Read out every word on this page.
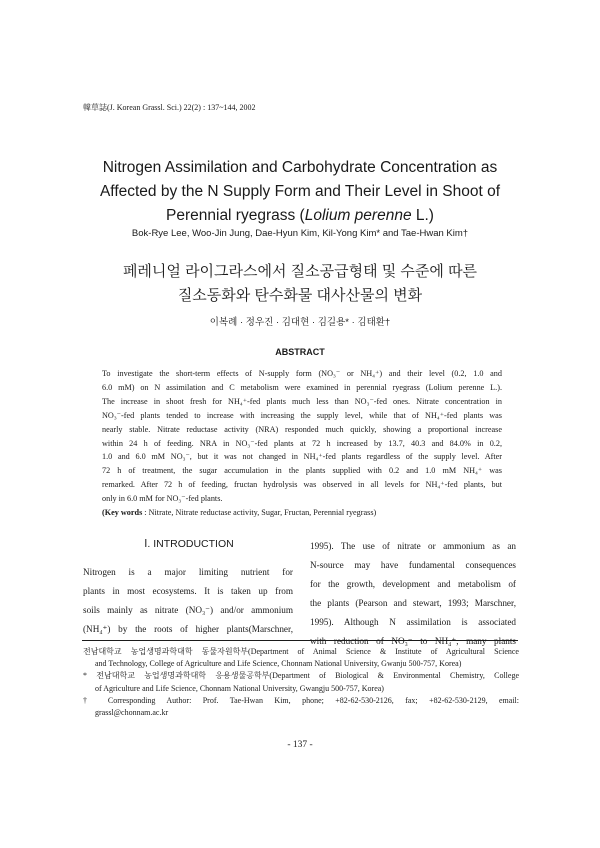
韓草誌(J. Korean Grassl. Sci.) 22(2) : 137~144, 2002
Nitrogen Assimilation and Carbohydrate Concentration as
Affected by the N Supply Form and Their Level in Shoot of
Perennial ryegrass (Lolium perenne L.)
Bok-Rye Lee, Woo-Jin Jung, Dae-Hyun Kim, Kil-Yong Kim* and Tae-Hwan Kim†
페레니얼 라이그라스에서 질소공급형태 및 수준에 따른
질소동화와 탄수화물 대사산물의 변화
이복례 · 정우진 · 김대현 · 김길용* · 김태환†
ABSTRACT
To investigate the short-term effects of N-supply form (NO₃⁻ or NH₄⁺) and their level (0.2, 1.0 and
6.0 mM) on N assimilation and C metabolism were examined in perennial ryegrass (Lolium perenne L.).
The increase in shoot fresh for NH₄⁺-fed plants much less than NO₃⁻-fed ones. Nitrate concentration in
NO₃⁻-fed plants tended to increase with increasing the supply level, while that of NH₄⁺-fed plants was
nearly stable. Nitrate reductase activity (NRA) responded much quickly, showing a proportional increase
within 24 h of feeding. NRA in NO₃⁻-fed plants at 72 h increased by 13.7, 40.3 and 84.0% in 0.2,
1.0 and 6.0 mM NO₃⁻, but it was not changed in NH₄⁺-fed plants regardless of the supply level. After
72 h of treatment, the sugar accumulation in the plants supplied with 0.2 and 1.0 mM NH₄⁺ was
remarked. After 72 h of feeding, fructan hydrolysis was observed in all levels for NH₄⁺-fed plants, but
only in 6.0 mM for NO₃⁻-fed plants.
(Key words : Nitrate, Nitrate reductase activity, Sugar, Fructan, Perennial ryegrass)
Ⅰ. INTRODUCTION
Nitrogen is a major limiting nutrient for
plants in most ecosystems. It is taken up from
soils mainly as nitrate (NO₃⁻) and/or ammonium
(NH₄⁺) by the roots of higher plants(Marschner,
1995). The use of nitrate or ammonium as an
N-source may have fundamental consequences
for the growth, development and metabolism of
the plants (Pearson and stewart, 1993; Marschner,
1995). Although N assimilation is associated
with reduction of NO₃⁻ to NH₄⁺, many plants
전남대학교 농업생명과학대학 동물자원학부(Department of Animal Science & Institute of Agricultural Science
and Technology, College of Agriculture and Life Science, Chonnam National University, Gwanju 500-757, Korea)
* 전남대학교 농업생명과학대학 응용생물공학부(Department of Biological & Environmental Chemistry, College
of Agriculture and Life Science, Chonnam National University, Gwangju 500-757, Korea)
† Corresponding Author: Prof. Tae-Hwan Kim, phone; +82-62-530-2126, fax; +82-62-530-2129, email:
grassl@chonnam.ac.kr
- 137 -
